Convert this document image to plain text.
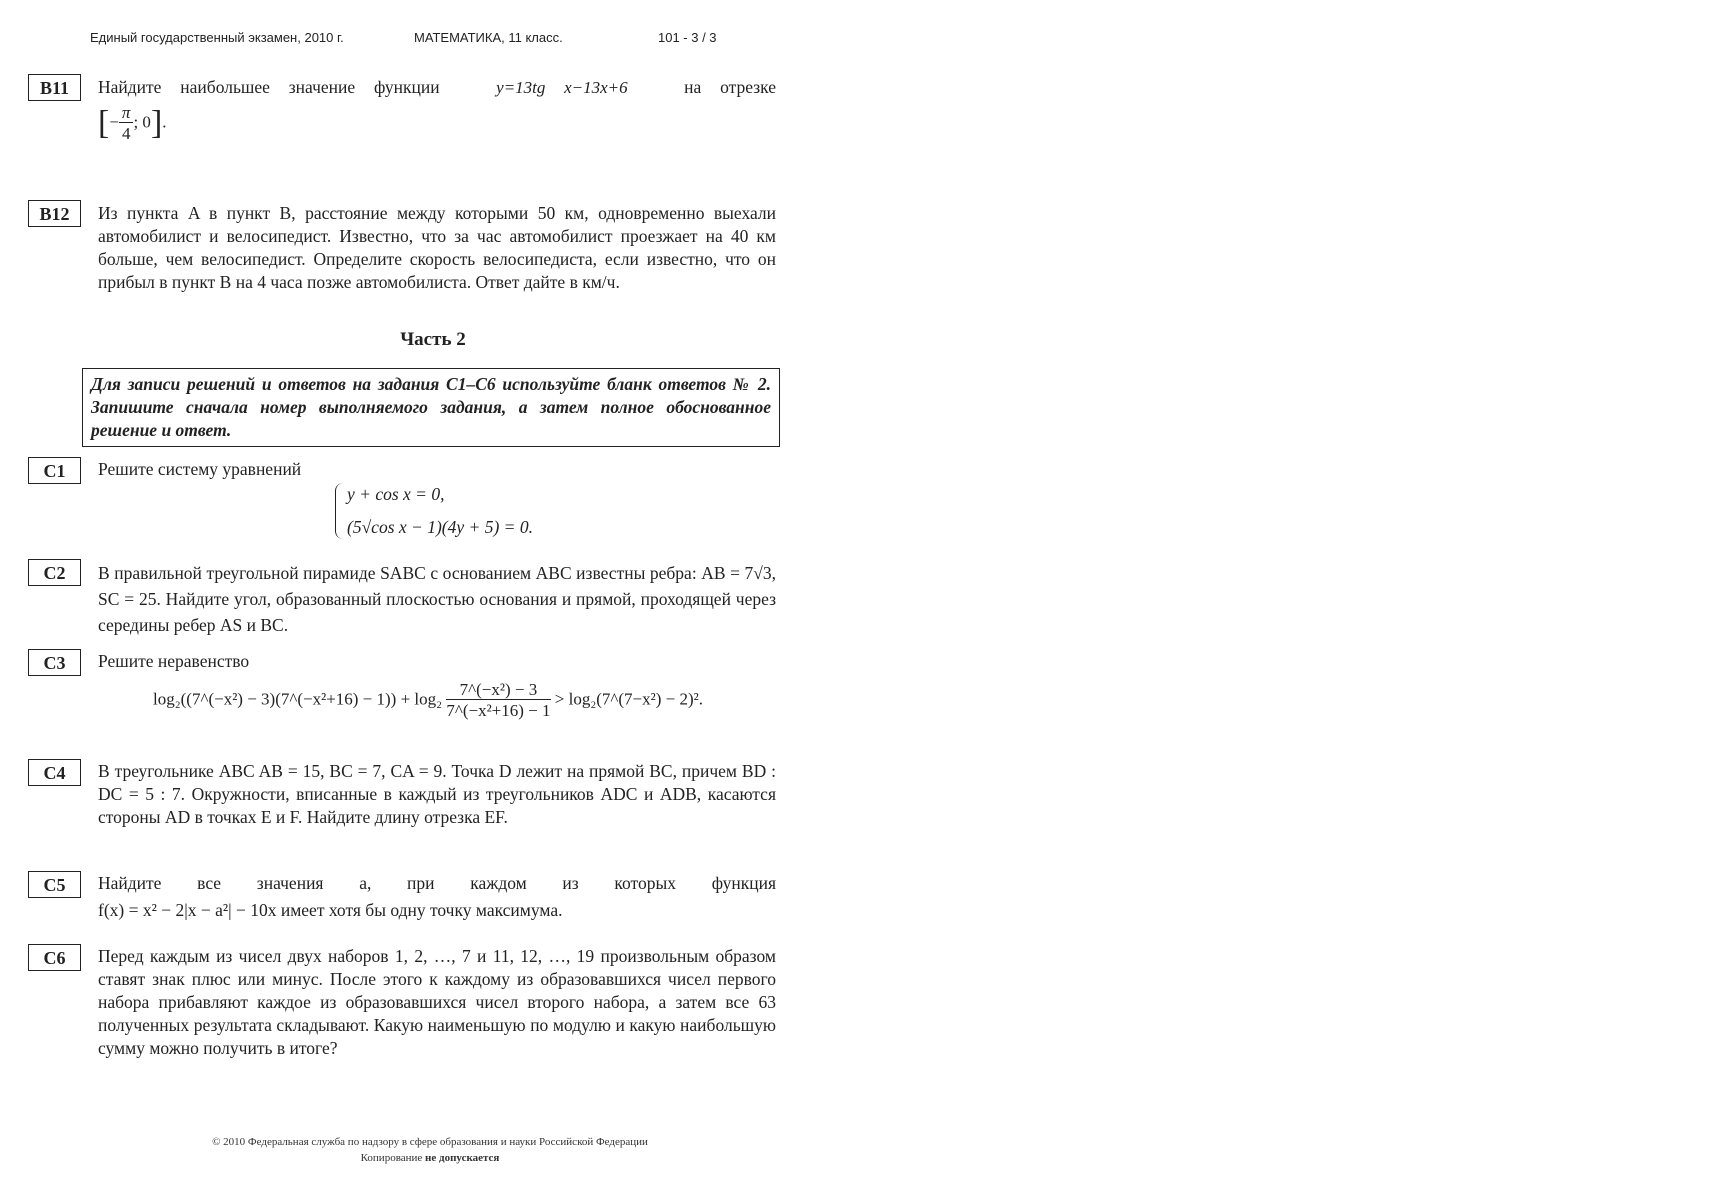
Единый государственный экзамен, 2010 г.	МАТЕМАТИКА, 11 класс.	101 - 3 / 3
B11	Найдите наибольшее значение функции	y=13tg x−13x+6	на отрезке
[− $\frac{\pi}{4}$ ; 0].
B12	Из пункта A в пункт B, расстояние между которыми 50 км, одновременно выехали автомобилист и велосипедист. Известно, что за час автомобилист проезжает на 40 км больше, чем велосипедист. Определите скорость велосипедиста, если известно, что он прибыл в пункт B на 4 часа позже автомобилиста. Ответ дайте в км/ч.
Часть 2
Для записи решений и ответов на задания С1–С6 используйте бланк ответов № 2. Запишите сначала номер выполняемого задания, а затем полное обоснованное решение и ответ.
C1	Решите систему уравнений
y + cos x = 0,
(5√cos x − 1)(4y + 5) = 0.
C2	В правильной треугольной пирамиде SABC с основанием ABC известны ребра: AB = 7√3, SC = 25. Найдите угол, образованный плоскостью основания и прямой, проходящей через середины ребер AS и BC.
C3	Решите неравенство
log₂((7^(−x²) − 3)(7^(−x²+16) − $1)) + \log_2 \frac{\text{7\textasciicircum{}(−x²) − 3}}{\text{7\textasciicircum{}(−x²+16) − 1}}$ > log₂(7^(7−x²) − 2)².
C4	В треугольнике ABC AB = 15, BC = 7, CA = 9. Точка D лежит на прямой BC, причем BD : DC = 5 : 7. Окружности, вписанные в каждый из треугольников ADC и ADB, касаются стороны AD в точках E и F. Найдите длину отрезка EF.
C5	Найдите все значения a, при каждом из которых функция
f(x) = x² − 2|x − a²| − 10x имеет хотя бы одну точку максимума.
C6	Перед каждым из чисел двух наборов 1, 2, …, 7 и 11, 12, …, 19 произвольным образом ставят знак плюс или минус. После этого к каждому из образовавшихся чисел первого набора прибавляют каждое из образовавшихся чисел второго набора, а затем все 63 полученных результата складывают. Какую наименьшую по модулю и какую наибольшую сумму можно получить в итоге?
© 2010 Федеральная служба по надзору в сфере образования и науки Российской Федерации
Копирование не допускается
